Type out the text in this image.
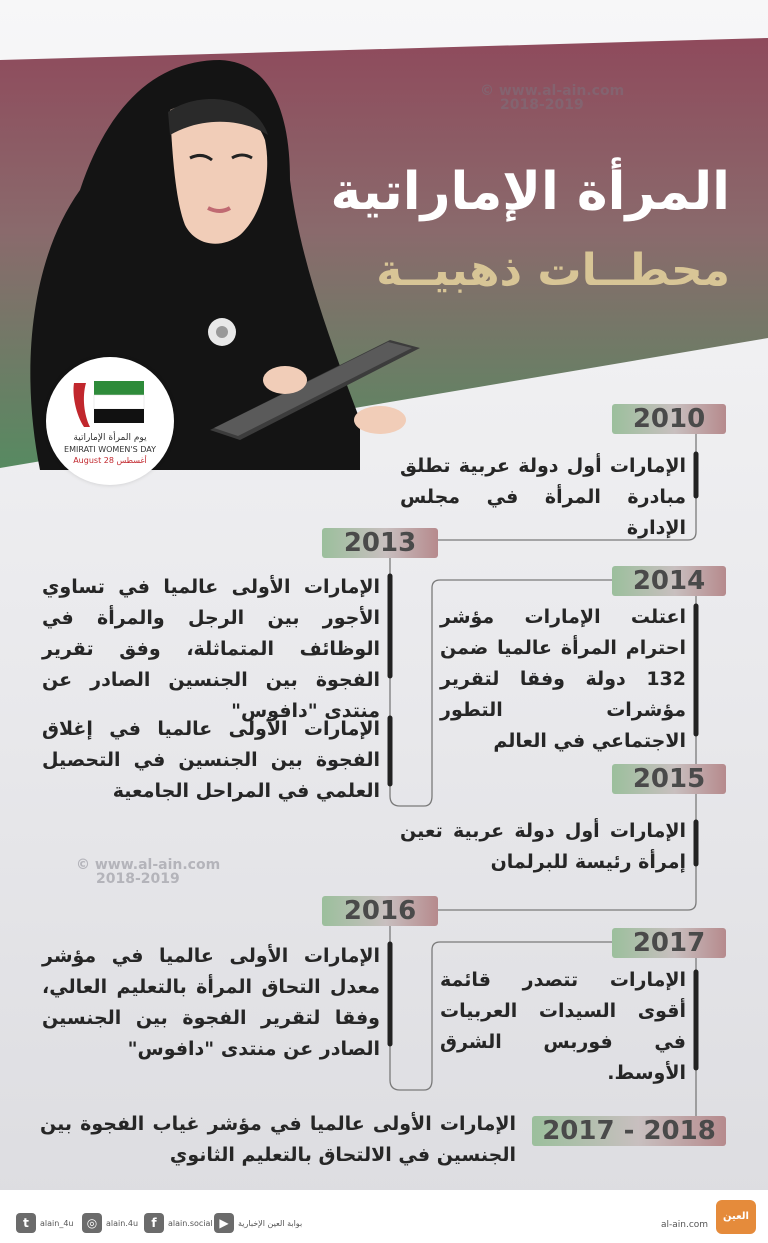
المرأة الإماراتية
محطــات ذهبيــة
© www.al-ain.com
2018-2019
يوم المرأة الإماراتية
EMIRATI WOMEN'S DAY
August 28 أغسطس
© www.al-ain.com
2018-2019
2010
2013
2014
2015
2016
2017
2017 - 2018
الإمارات أول دولة عربية تطلق مبادرة المرأة في مجلس الإدارة
الإمارات الأولى عالميا في تساوي الأجور بين الرجل والمرأة في الوظائف المتماثلة، وفق تقرير الفجوة بين الجنسين الصادر عن منتدى "دافوس"
الإمارات الأولى عالميا في إغلاق الفجوة بين الجنسين في التحصيل العلمي في المراحل الجامعية
اعتلت الإمارات مؤشر احترام المرأة عالميا ضمن 132 دولة وفقا لتقرير مؤشرات التطور الاجتماعي في العالم
الإمارات أول دولة عربية تعين إمرأة رئيسة للبرلمان
الإمارات الأولى عالميا في مؤشر معدل التحاق المرأة بالتعليم العالي، وفقا لتقرير الفجوة بين الجنسين الصادر عن منتدى "دافوس"
الإمارات تتصدر قائمة أقوى السيدات العربيات في فوربس الشرق الأوسط.
الإمارات الأولى عالميا في مؤشر غياب الفجوة بين الجنسين في الالتحاق بالتعليم الثانوي
t	alain_4u	◎	alain.4u	f	alain.social ▶	بوابة العين الإخبارية	al-ain.com
العين
